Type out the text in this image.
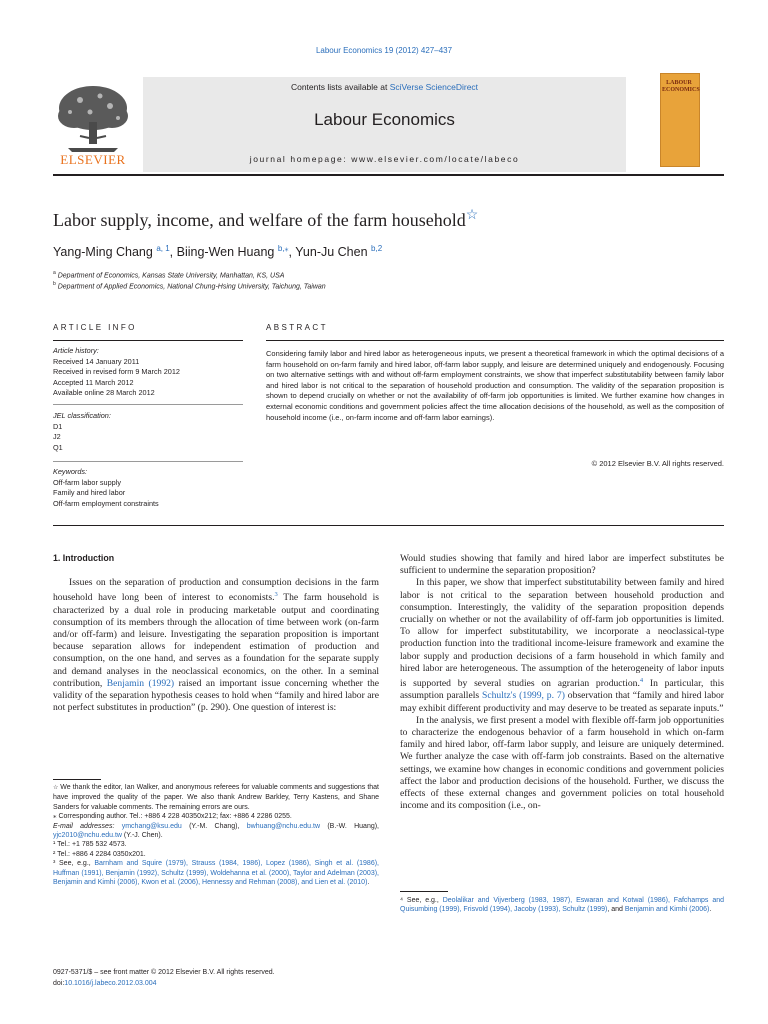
Labour Economics 19 (2012) 427–437
Contents lists available at SciVerse ScienceDirect
Labour Economics
journal homepage: www.elsevier.com/locate/labeco
ELSEVIER
LABOUR
ECONOMICS
Labor supply, income, and welfare of the farm household☆
Yang-Ming Chang $^{a, 1}$, Biing-Wen Huang $^{b,⁎}$, Yun-Ju Chen $^{b,2}$
$^a$ Department of Economics, Kansas State University, Manhattan, KS, USA
$^b$ Department of Applied Economics, National Chung-Hsing University, Taichung, Taiwan
ARTICLE INFO	ABSTRACT
Article history:
Received 14 January 2011
Received in revised form 9 March 2012
Accepted 11 March 2012
Available online 28 March 2012
JEL classification:
D1
J2
Q1
Keywords:
Off-farm labor supply
Family and hired labor
Off-farm employment constraints
Considering family labor and hired labor as heterogeneous inputs, we present a theoretical framework in which the optimal decisions of a farm household on on-farm family and hired labor, off-farm labor supply, and leisure are determined uniquely and endogenously. Focusing on two alternative settings with and without off-farm employment constraints, we show that imperfect substitutability between family labor and hired labor is not critical to the separation of household production and consumption. The validity of the separation proposition is shown to depend crucially on whether or not the availability of off-farm job opportunities is limited. We further examine how changes in external economic conditions and government policies affect the time allocation decisions of the household, as well as the composition of household income (i.e., on-farm income and off-farm labor earnings).
© 2012 Elsevier B.V. All rights reserved.
1. Introduction

Issues on the separation of production and consumption decisions in the farm household have long been of interest to economists.$^3$ The farm household is characterized by a dual role in producing marketable output and coordinating consumption of its members through the allocation of time between work (on-farm and/or off-farm) and leisure. Investigating the separation proposition is important because separation allows for independent estimation of production and consumption, on the one hand, and serves as a foundation for the separate supply and demand analyses in the neoclassical economics, on the other. In a seminal contribution, Benjamin (1992) raised an important issue concerning whether the validity of the separation hypothesis ceases to hold when “family and hired labor are not perfect substitutes in production” (p. 290). One question of interest is:

Would studies showing that family and hired labor are imperfect substitutes be sufficient to undermine the separation proposition?

In this paper, we show that imperfect substitutability between family and hired labor is not critical to the separation between household production and consumption. Interestingly, the validity of the separation proposition depends crucially on whether or not the availability of off-farm job opportunities is limited. To allow for imperfect substitutability, we incorporate a neoclassical-type production function into the traditional income-leisure framework and examine the labor supply and production decisions of a farm household in which family and hired labor are heterogeneous. The assumption of the heterogeneity of labor inputs is supported by several studies on agrarian production.$^4$ In particular, this assumption parallels Schultz's (1999, p. 7) observation that “family and hired labor may exhibit different productivity and may deserve to be treated as separate inputs.”

In the analysis, we first present a model with flexible off-farm job opportunities to characterize the endogenous behavior of a farm household in which on-farm family and hired labor, off-farm labor supply, and leisure are uniquely determined. We further analyze the case with off-farm job constraints. Based on the alternative settings, we examine how changes in economic conditions and government policies affect the labor and production decisions of the household. Further, we discuss the effects of these external changes and government policies on total household income and its composition (i.e., on-

☆ We thank the editor, Ian Walker, and anonymous referees for valuable comments and suggestions that have improved the quality of the paper. We also thank Andrew Barkley, Terry Kastens, and Shane Sanders for valuable comments. The remaining errors are ours.
⁎ Corresponding author. Tel.: +886 4 228 40350x212; fax: +886 4 2286 0255.
E-mail addresses: ymchang@ksu.edu (Y.-M. Chang), bwhuang@nchu.edu.tw (B.-W. Huang), yjc2010@nchu.edu.tw (Y.-J. Chen).
¹ Tel.: +1 785 532 4573.
² Tel.: +886 4 2284 0350x201.
³ See, e.g., Barnham and Squire (1979), Strauss (1984, 1986), Lopez (1986), Singh et al. (1986), Huffman (1991), Benjamin (1992), Schultz (1999), Woldehanna et al. (2000), Taylor and Adelman (2003), Benjamin and Kimhi (2006), Kwon et al. (2006), Hennessy and Rehman (2008), and Lien et al. (2010).
⁴ See, e.g., Deolalikar and Vijverberg (1983, 1987), Eswaran and Kotwal (1986), Fafchamps and Quisumbing (1999), Frisvold (1994), Jacoby (1993), Schultz (1999), and Benjamin and Kimhi (2006).
0927-5371/$ – see front matter © 2012 Elsevier B.V. All rights reserved.
doi:10.1016/j.labeco.2012.03.004
